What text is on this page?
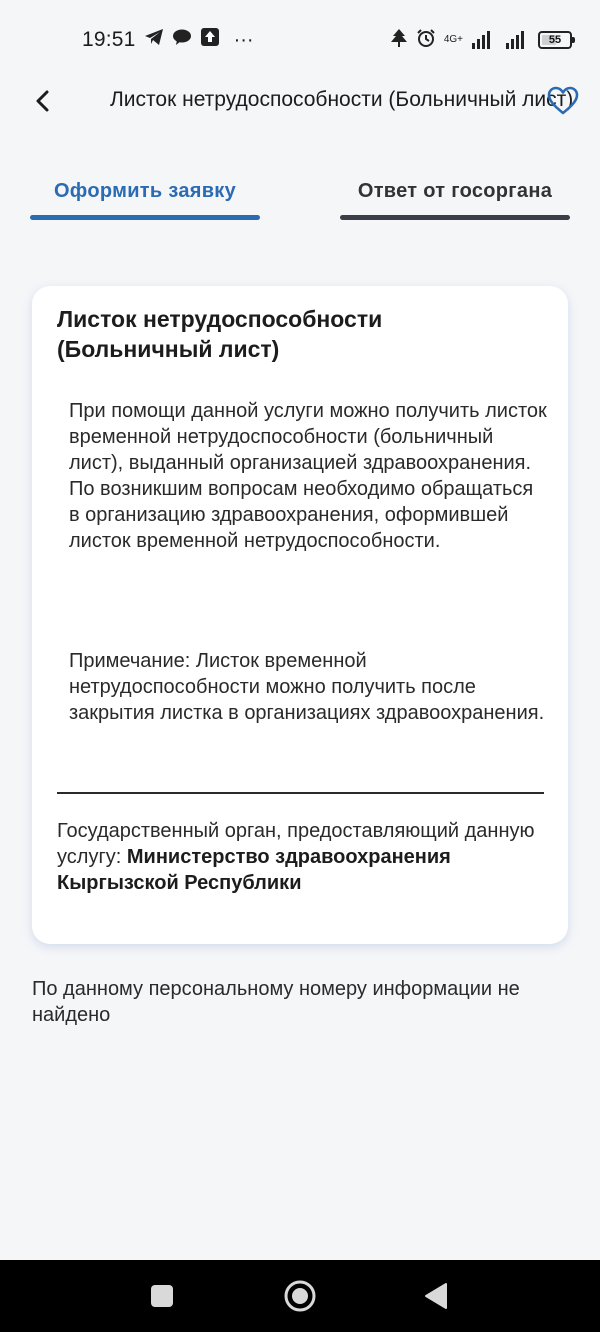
19:51	···	4G+	55
Листок нетрудоспособности (Больничный лист)
Оформить заявку	Ответ от госоргана
Листок нетрудоспособности (Больничный лист)
При помощи данной услуги можно получить листок временной нетрудоспособности (больничный лист), выданный организацией здравоохранения. По возникшим вопросам необходимо обращаться в организацию здравоохранения, оформившей листок временной нетрудоспособности.
Примечание: Листок временной нетрудоспособности можно получить после закрытия листка в организациях здравоохранения.
Государственный орган, предоставляющий данную услугу: Министерство здравоохранения Кыргызской Республики
По данному персональному номеру информации не найдено
